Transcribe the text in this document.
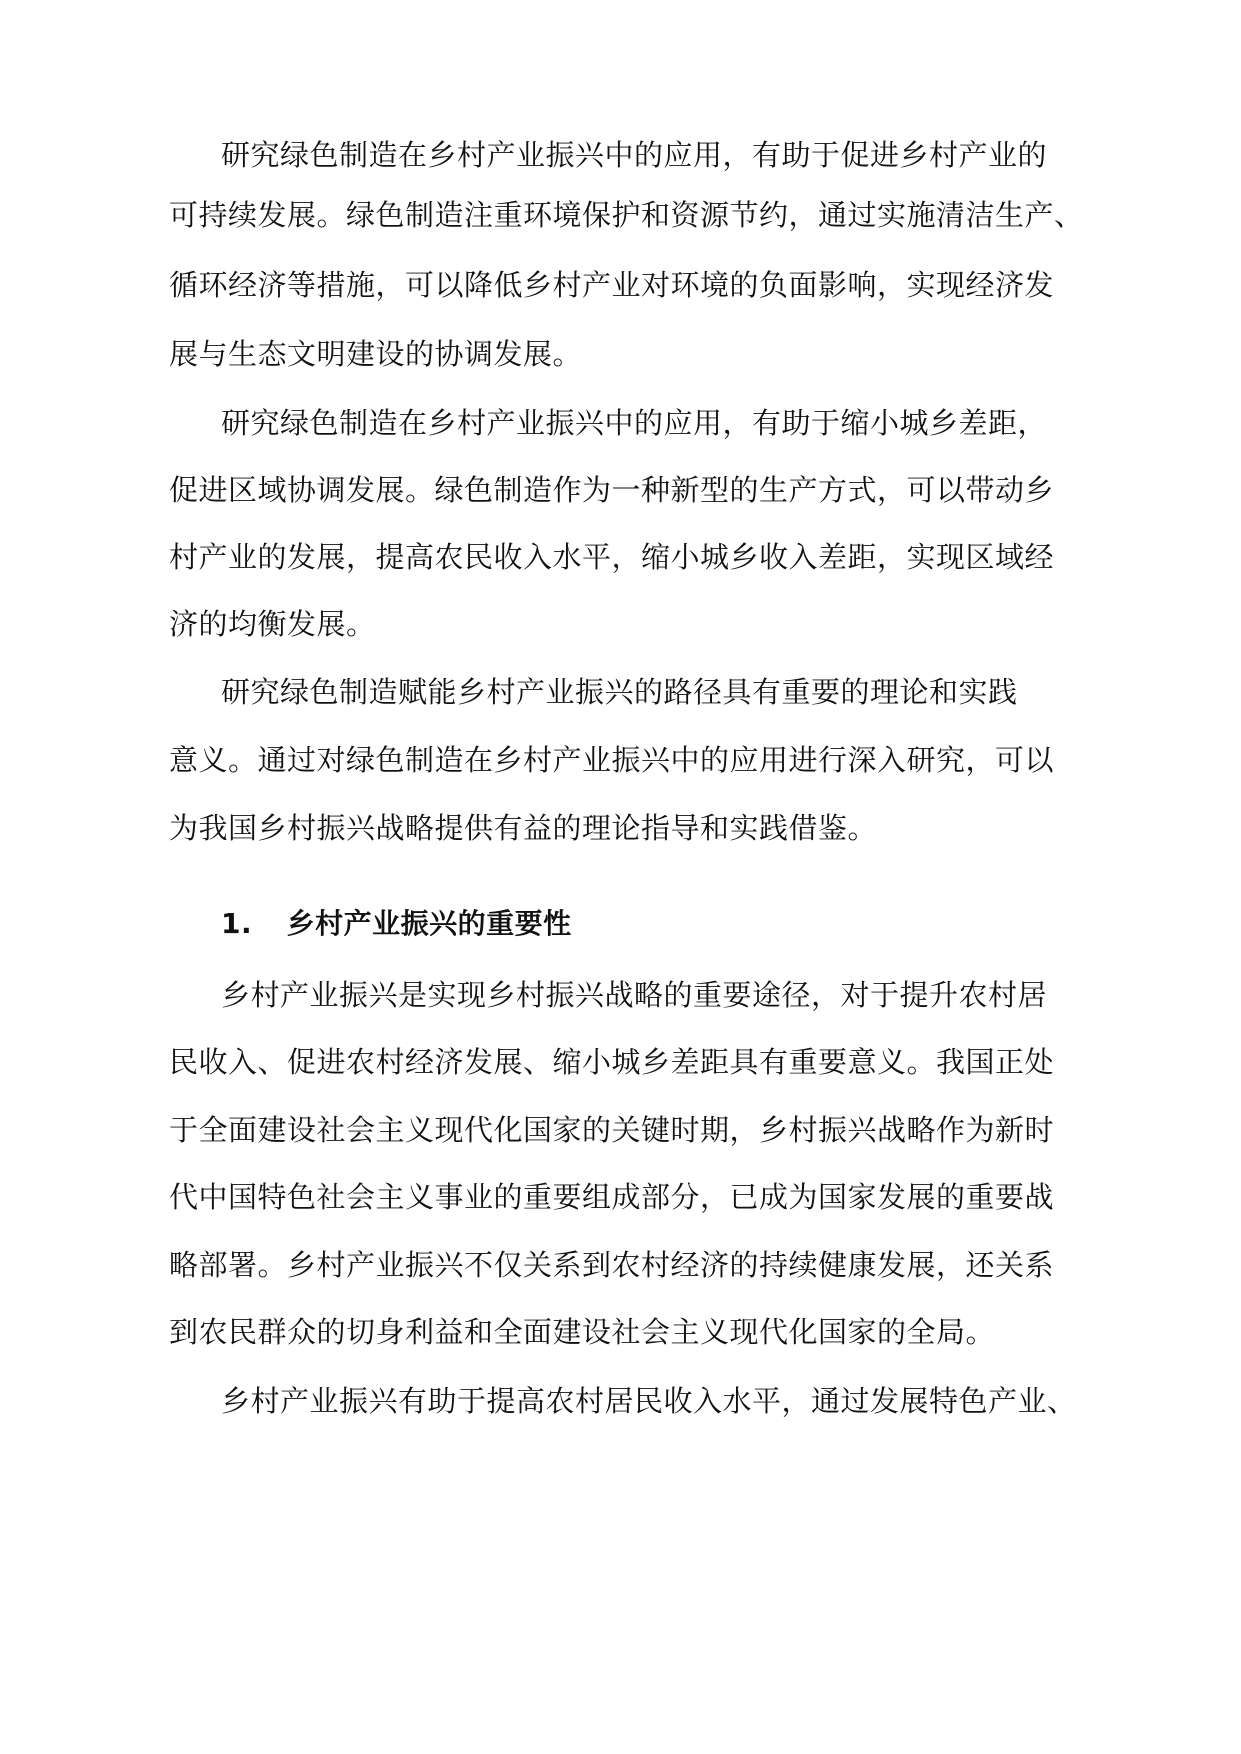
研究绿色制造在乡村产业振兴中的应用，有助于促进乡村产业的
可持续发展。绿色制造注重环境保护和资源节约，通过实施清洁生产、
循环经济等措施，可以降低乡村产业对环境的负面影响，实现经济发
展与生态文明建设的协调发展。
研究绿色制造在乡村产业振兴中的应用，有助于缩小城乡差距，
促进区域协调发展。绿色制造作为一种新型的生产方式，可以带动乡
村产业的发展，提高农民收入水平，缩小城乡收入差距，实现区域经
济的均衡发展。
研究绿色制造赋能乡村产业振兴的路径具有重要的理论和实践
意义。通过对绿色制造在乡村产业振兴中的应用进行深入研究，可以
为我国乡村振兴战略提供有益的理论指导和实践借鉴。
1. 乡村产业振兴的重要性
乡村产业振兴是实现乡村振兴战略的重要途径，对于提升农村居
民收入、促进农村经济发展、缩小城乡差距具有重要意义。我国正处
于全面建设社会主义现代化国家的关键时期，乡村振兴战略作为新时
代中国特色社会主义事业的重要组成部分，已成为国家发展的重要战
略部署。乡村产业振兴不仅关系到农村经济的持续健康发展，还关系
到农民群众的切身利益和全面建设社会主义现代化国家的全局。
乡村产业振兴有助于提高农村居民收入水平，通过发展特色产业、
